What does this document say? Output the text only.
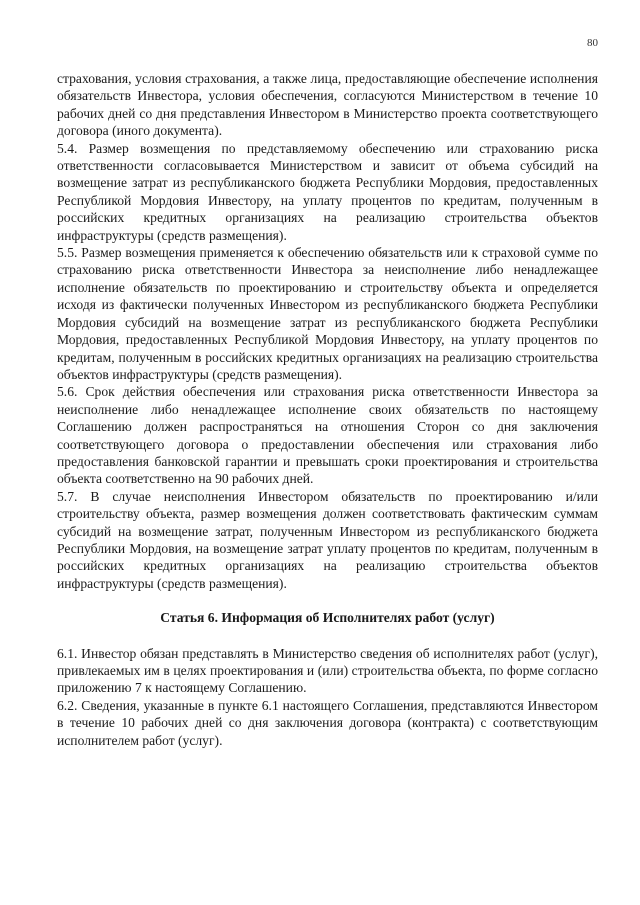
80

страхования, условия страхования, а также лица, предоставляющие обеспечение исполнения обязательств Инвестора, условия обеспечения, согласуются Министерством в течение 10 рабочих дней со дня представления Инвестором в Министерство проекта соответствующего договора (иного документа).

5.4. Размер возмещения по представляемому обеспечению или страхованию риска ответственности согласовывается Министерством и зависит от объема субсидий на возмещение затрат из республиканского бюджета Республики Мордовия, предоставленных Республикой Мордовия Инвестору, на уплату процентов по кредитам, полученным в российских кредитных организациях на реализацию строительства объектов инфраструктуры (средств размещения).

5.5. Размер возмещения применяется к обеспечению обязательств или к страховой сумме по страхованию риска ответственности Инвестора за неисполнение либо ненадлежащее исполнение обязательств по проектированию и строительству объекта и определяется исходя из фактически полученных Инвестором из республиканского бюджета Республики Мордовия субсидий на возмещение затрат из республиканского бюджета Республики Мордовия, предоставленных Республикой Мордовия Инвестору, на уплату процентов по кредитам, полученным в российских кредитных организациях на реализацию строительства объектов инфраструктуры (средств размещения).

5.6. Срок действия обеспечения или страхования риска ответственности Инвестора за неисполнение либо ненадлежащее исполнение своих обязательств по настоящему Соглашению должен распространяться на отношения Сторон со дня заключения соответствующего договора о предоставлении обеспечения или страхования либо предоставления банковской гарантии и превышать сроки проектирования и строительства объекта соответственно на 90 рабочих дней.

5.7. В случае неисполнения Инвестором обязательств по проектированию и/или строительству объекта, размер возмещения должен соответствовать фактическим суммам субсидий на возмещение затрат, полученным Инвестором из республиканского бюджета Республики Мордовия, на возмещение затрат уплату процентов по кредитам, полученным в российских кредитных организациях на реализацию строительства объектов инфраструктуры (средств размещения).

Статья 6. Информация об Исполнителях работ (услуг)

6.1. Инвестор обязан представлять в Министерство сведения об исполнителях работ (услуг), привлекаемых им в целях проектирования и (или) строительства объекта, по форме согласно приложению 7 к настоящему Соглашению.

6.2. Сведения, указанные в пункте 6.1 настоящего Соглашения, представляются Инвестором в течение 10 рабочих дней со дня заключения договора (контракта) с соответствующим исполнителем работ (услуг).
